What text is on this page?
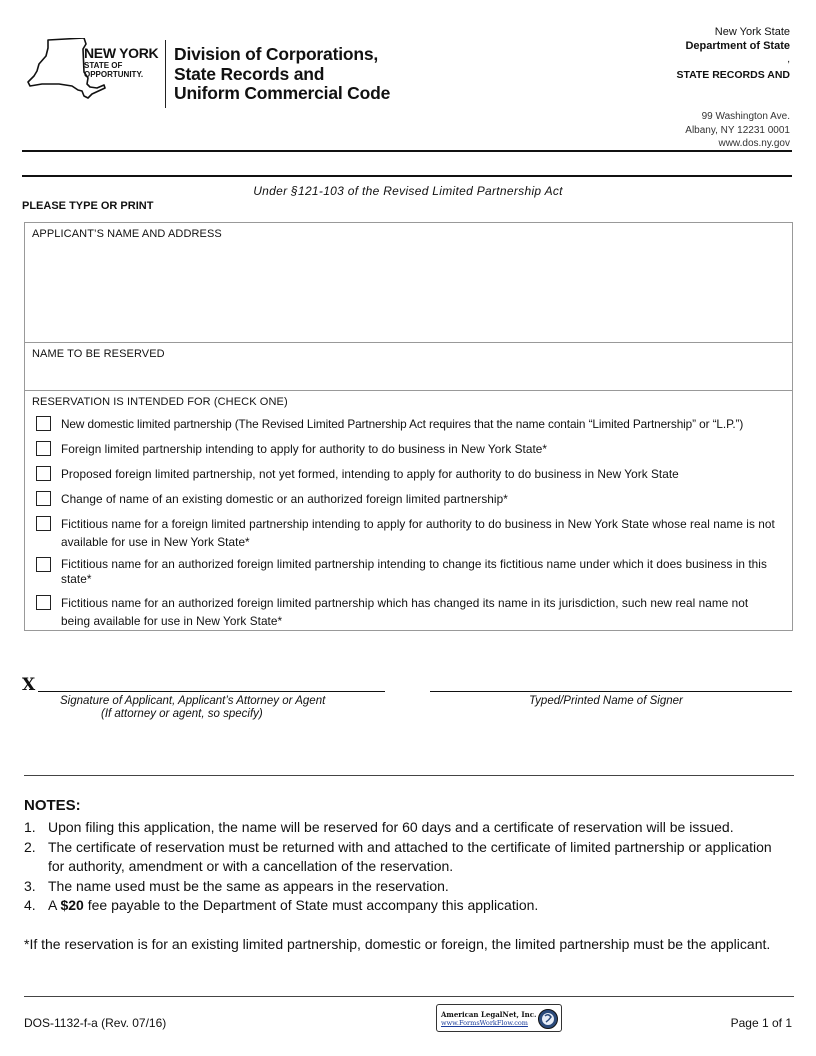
NEW YORK
STATE OF
OPPORTUNITY.
Division of Corporations,
State Records and
Uniform Commercial Code
New York State
Department of State
,
STATE RECORDS AND
99 Washington Ave.
Albany, NY 12231 0001
www.dos.ny.gov
Under §121-103 of the Revised Limited Partnership Act
PLEASE TYPE OR PRINT
APPLICANT’S NAME AND ADDRESS
NAME TO BE RESERVED
RESERVATION IS INTENDED FOR (CHECK ONE)
New domestic limited partnership (The Revised Limited Partnership Act requires that the name contain “Limited Partnership” or “L.P.”)
Foreign limited partnership intending to apply for authority to do business in New York State*
Proposed foreign limited partnership, not yet formed, intending to apply for authority to do business in New York State
Change of name of an existing domestic or an authorized foreign limited partnership*
Fictitious name for a foreign limited partnership intending to apply for authority to do business in New York State whose real name is not available for use in New York State*
Fictitious name for an authorized foreign limited partnership intending to change its fictitious name under which it does business in this state*
Fictitious name for an authorized foreign limited partnership which has changed its name in its jurisdiction, such new real name not being available for use in New York State*
X
Signature of Applicant, Applicant’s Attorney or Agent
(If attorney or agent, so specify)
Typed/Printed Name of Signer
NOTES:
1. Upon filing this application, the name will be reserved for 60 days and a certificate of reservation will be issued.
2. The certificate of reservation must be returned with and attached to the certificate of limited partnership or application for authority, amendment or with a cancellation of the reservation.
3. The name used must be the same as appears in the reservation.
4. A $20 fee payable to the Department of State must accompany this application.
*If the reservation is for an existing limited partnership, domestic or foreign, the limited partnership must be the applicant.
DOS-1132-f-a (Rev. 07/16)
American LegalNet, Inc.
www.FormsWorkFlow.com	Page 1 of 1
